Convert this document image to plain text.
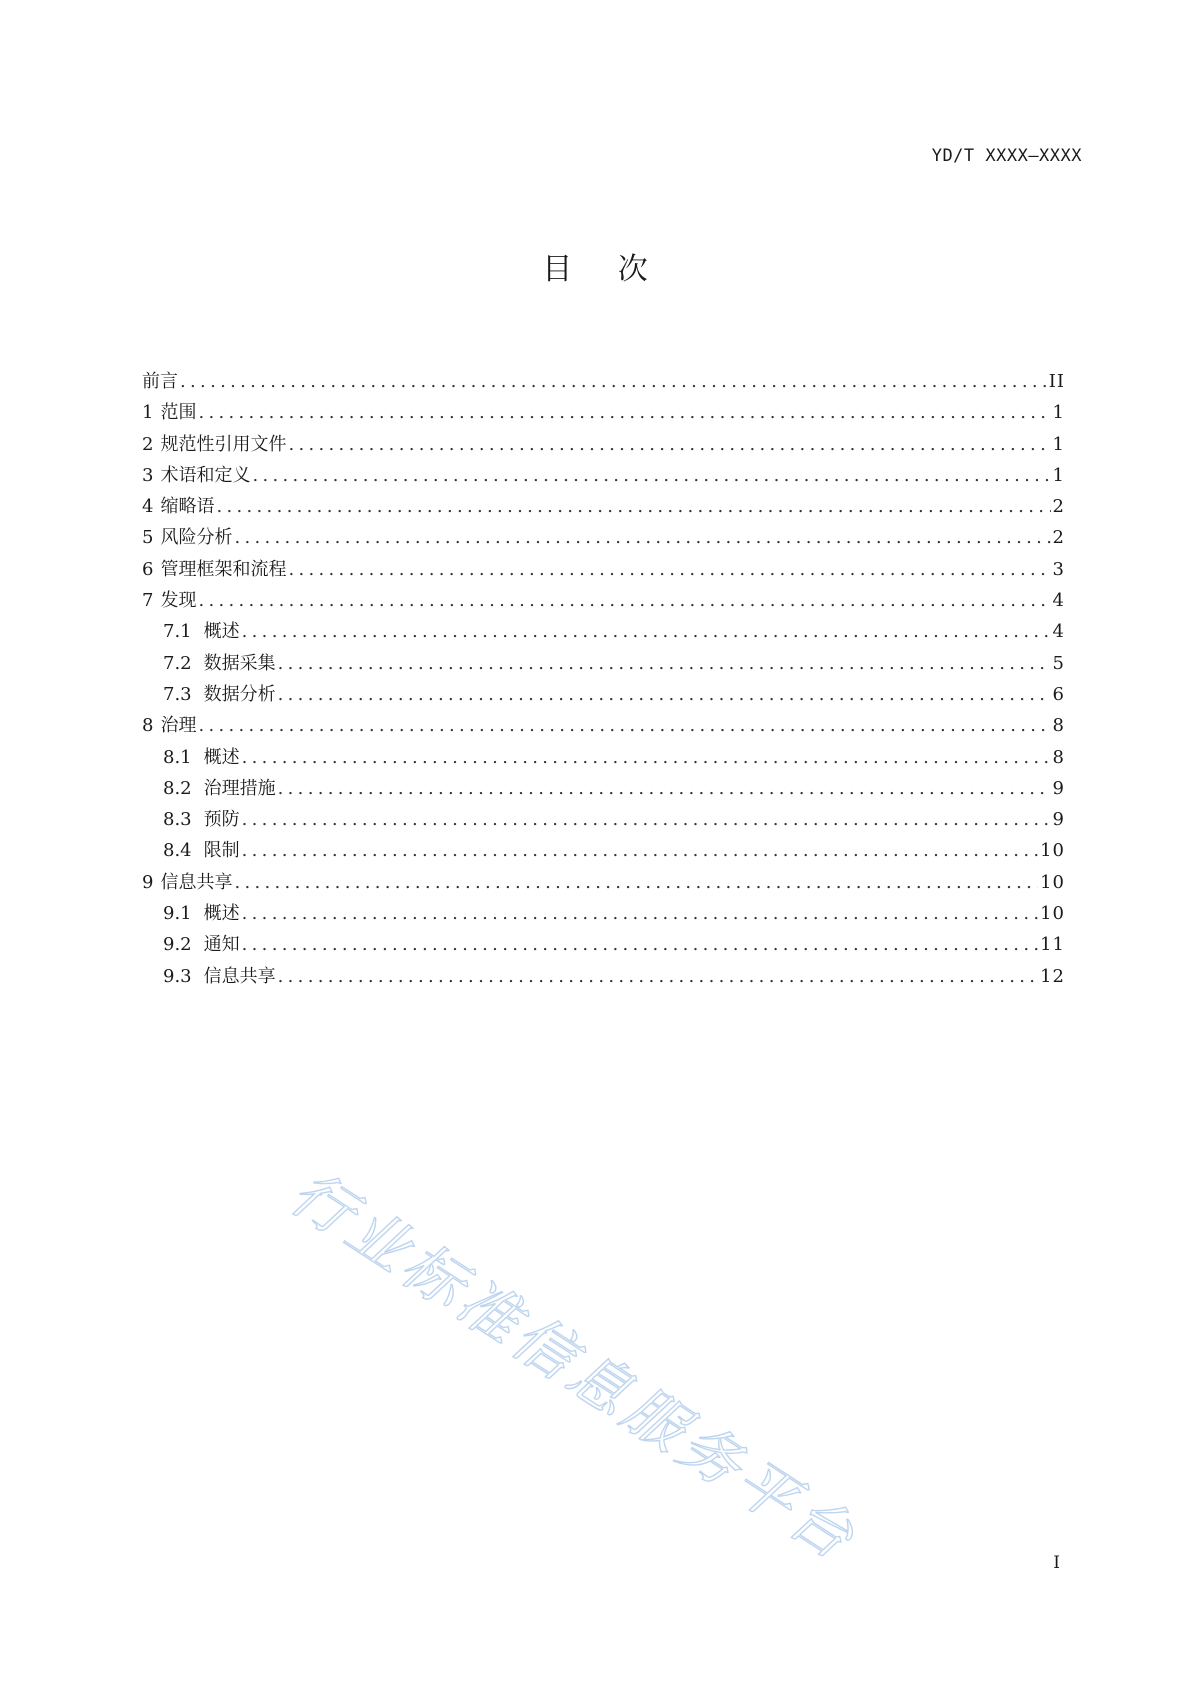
YD/T XXXX—XXXX
目 次
前言 .....	II
1 范围 .....	1
2 规范性引用文件 .....	1
3 术语和定义 .....	1
4 缩略语 .....	2
5 风险分析 .....	2
6 管理框架和流程 .....	3
7 发现 .....	4
7.1 概述 .....	4
7.2 数据采集 .....	5
7.3 数据分析 .....	6
8 治理 .....	8
8.1 概述 .....	8
8.2 治理措施 .....	9
8.3 预防 .....	9
8.4 限制 .....	10
9 信息共享 .....	10
9.1 概述 .....	10
9.2 通知 .....	11
9.3 信息共享 .....	12
行业标准信息服务平台	I
